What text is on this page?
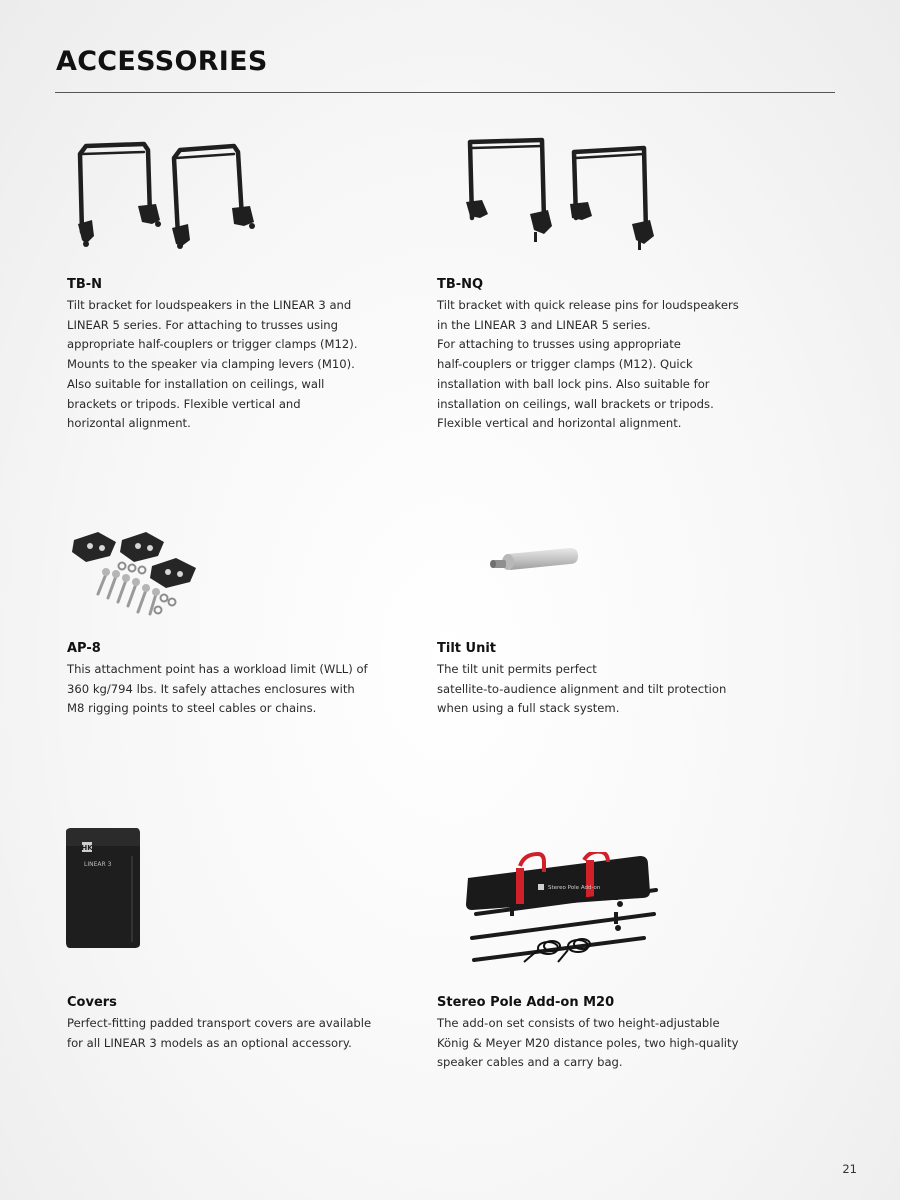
ACCESSORIES
TB-N

Tilt bracket for loudspeakers in the LINEAR 3 and
LINEAR 5 series. For attaching to trusses using
appropriate half-couplers or trigger clamps (M12).
Mounts to the speaker via clamping levers (M10).
Also suitable for installation on ceilings, wall
brackets or tripods. Flexible vertical and
horizontal alignment.

TB-NQ

Tilt bracket with quick release pins for loudspeakers
in the LINEAR 3 and LINEAR 5 series.
For attaching to trusses using appropriate
half-couplers or trigger clamps (M12). Quick
installation with ball lock pins. Also suitable for
installation on ceilings, wall brackets or tripods.
Flexible vertical and horizontal alignment.

AP-8

This attachment point has a workload limit (WLL) of
360 kg/794 lbs. It safely attaches enclosures with
M8 rigging points to steel cables or chains.

Tilt Unit

The tilt unit permits perfect
satellite-to-audience alignment and tilt protection
when using a full stack system.

HK
LINEAR 3
Covers

Perfect-fitting padded transport covers are available
for all LINEAR 3 models as an optional accessory.

Stereo Pole Add-on
Stereo Pole Add-on M20

The add-on set consists of two height-adjustable
König & Meyer M20 distance poles, two high-quality
speaker cables and a carry bag.

21
